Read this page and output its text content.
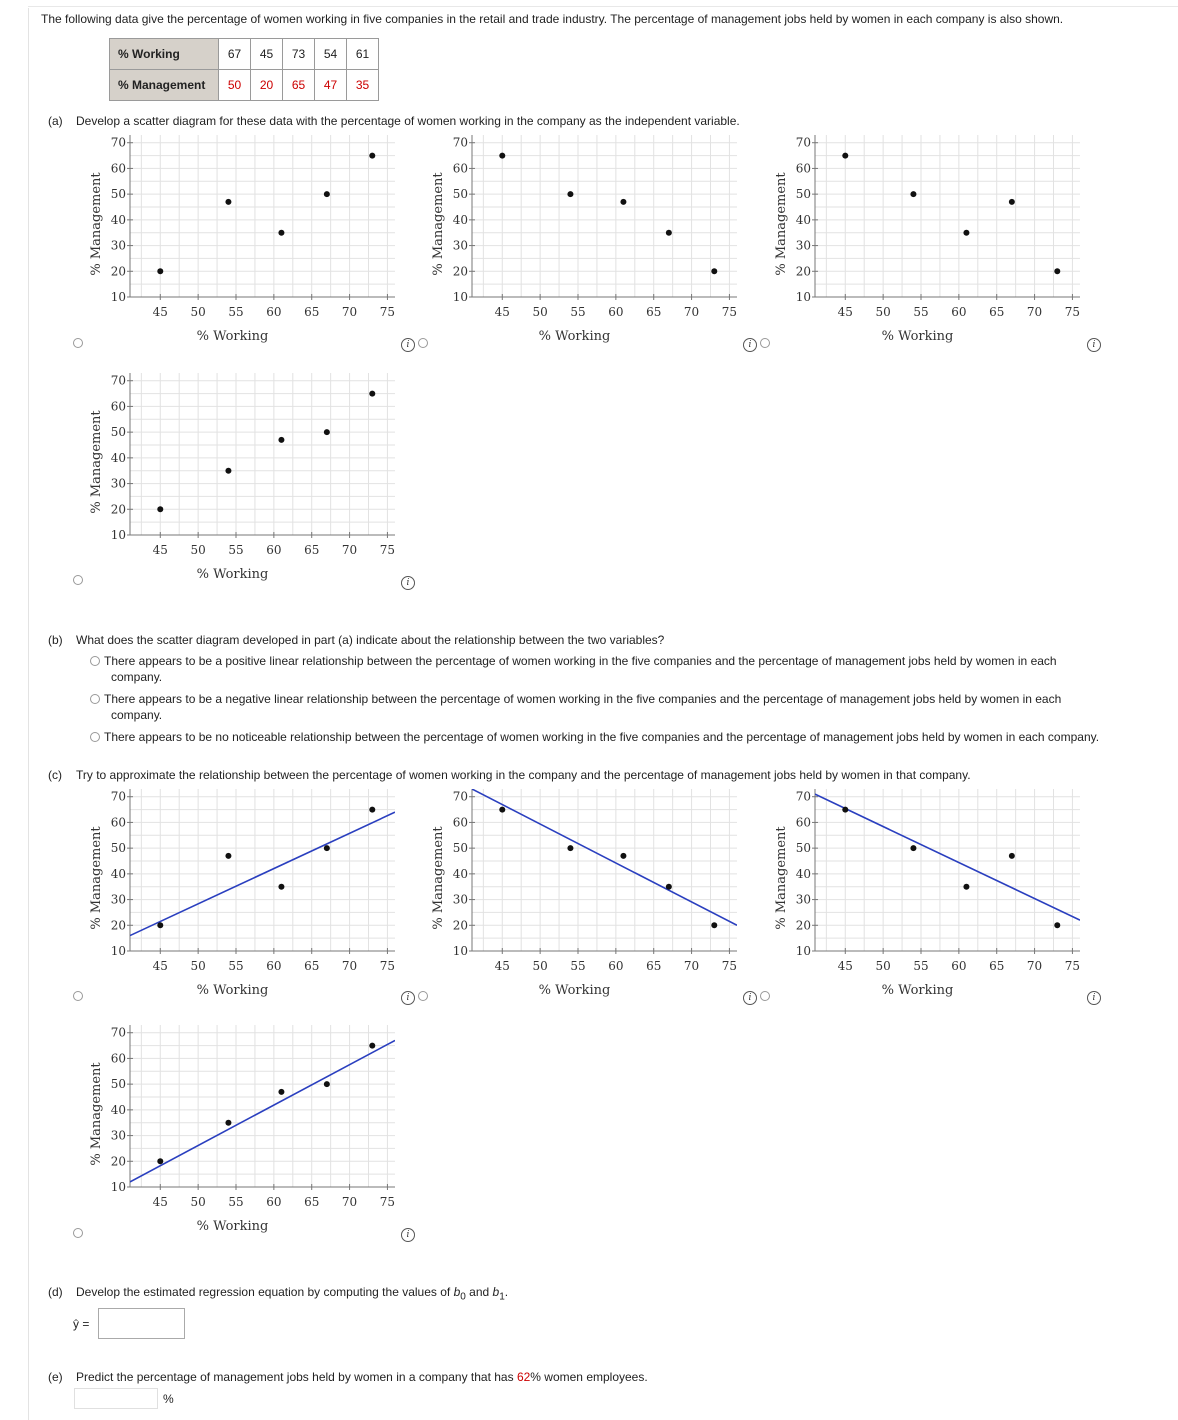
The following data give the percentage of women working in five companies in the retail and trade industry. The percentage of management jobs held by women in each company is also shown.
% Working	67	45	73	54	61
% Management	50	20	65	47	35
(a) Develop a scatter diagram for these data with the percentage of women working in the company as the independent variable.
45 50 55 60 65 70 75
10
20
30
40
50
60
70
% Working
% Management
45 50 55 60 65 70 75
10
20
30
40
50
60
70
% Working
% Management
45 50 55 60 65 70 75
10
20
30
40
50
60
70
% Working
% Management
45 50 55 60 65 70 75
10
20
30
40
50
60
70
% Working
% Management
i	i	i
i
(b) What does the scatter diagram developed in part (a) indicate about the relationship between the two variables?
There appears to be a positive linear relationship between the percentage of women working in the five companies and the percentage of management jobs held by women in each
company.
There appears to be a negative linear relationship between the percentage of women working in the five companies and the percentage of management jobs held by women in each
company.
There appears to be no noticeable relationship between the percentage of women working in the five companies and the percentage of management jobs held by women in each company.
(c) Try to approximate the relationship between the percentage of women working in the company and the percentage of management jobs held by women in that company.
45 50 55 60 65 70 75
10
20
30
40
50
60
70
% Working
% Management
45 50 55 60 65 70 75
10
20
30
40
50
60
70
% Working
% Management
45 50 55 60 65 70 75
10
20
30
40
50
60
70
% Working
% Management
45 50 55 60 65 70 75
10
20
30
40
50
60
70
% Working
% Management
i	i	i
i
(d) Develop the estimated regression equation by computing the values of $b_0$ and $b_1$.
ŷ =
(e) Predict the percentage of management jobs held by women in a company that has 62% women employees.
%
